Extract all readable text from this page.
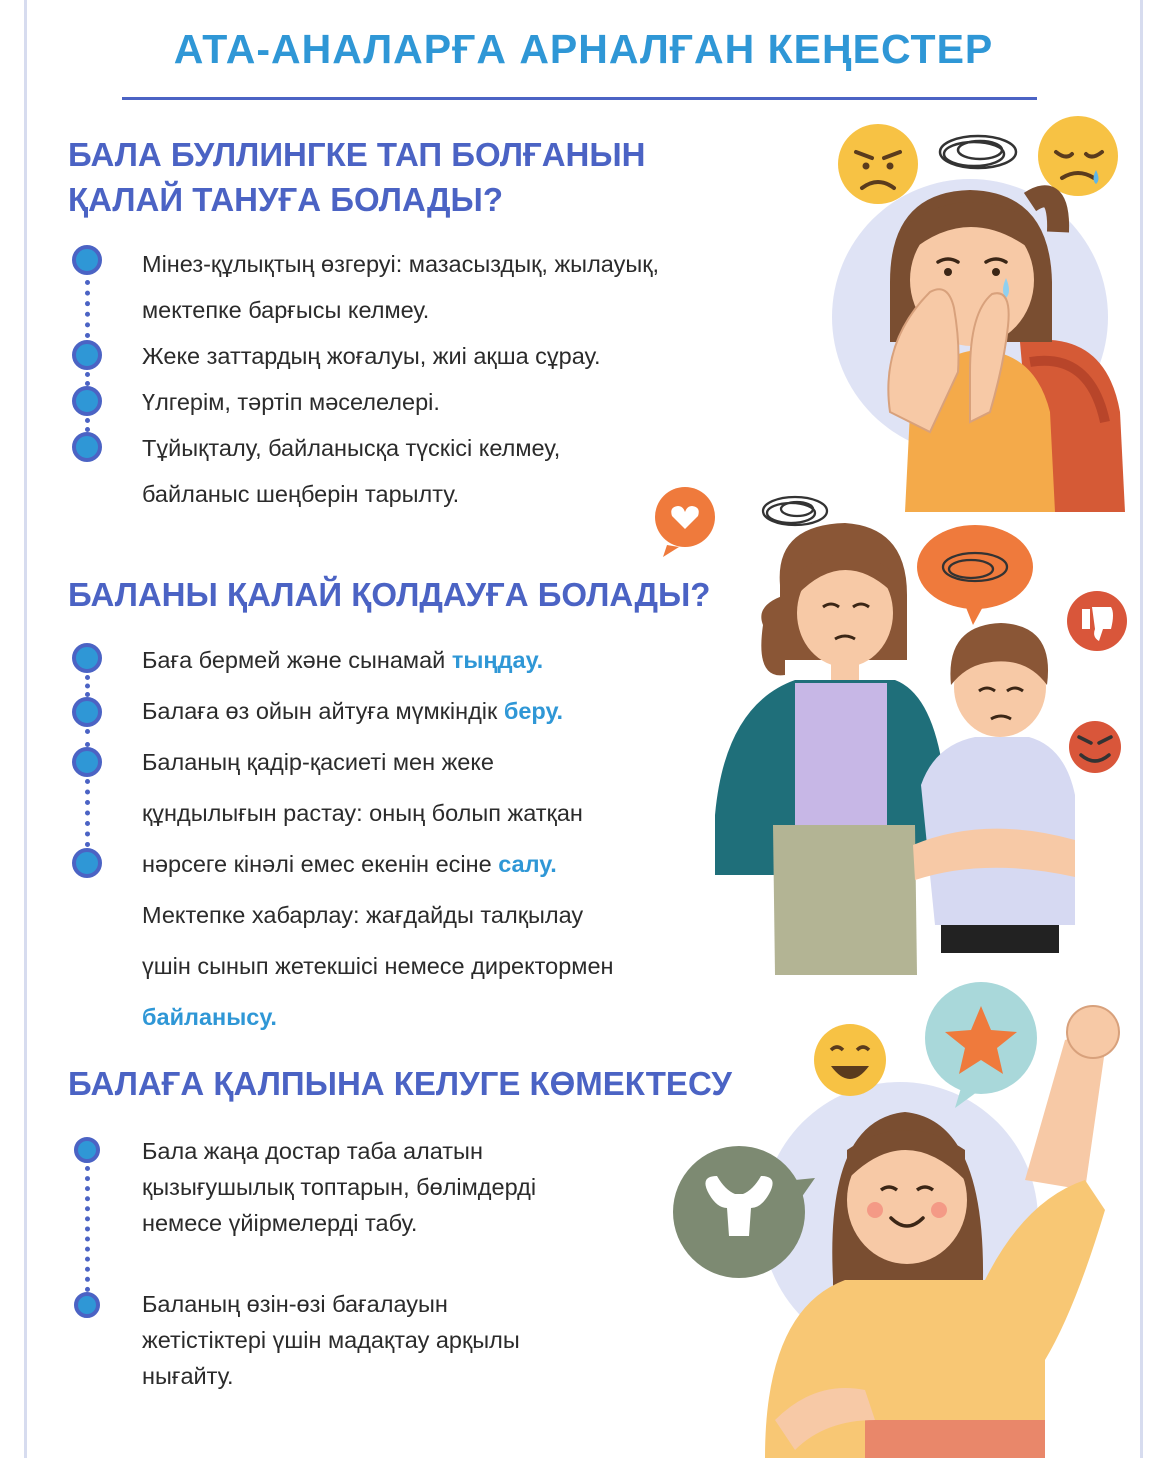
АТА-АНАЛАРҒА АРНАЛҒАН КЕҢЕСТЕР
БАЛА БУЛЛИНГКЕ ТАП БОЛҒАНЫН
ҚАЛАЙ ТАНУҒА БОЛАДЫ?
Мінез-құлықтың өзгеруі: мазасыздық, жылауық,
мектепке барғысы келмеу.
Жеке заттардың жоғалуы, жиі ақша сұрау.
Үлгерім, тәртіп мәселелері.
Тұйықталу, байланысқа түскісі келмеу,
байланыс шеңберін тарылту.
БАЛАНЫ ҚАЛАЙ ҚОЛДАУҒА БОЛАДЫ?
Баға бермей және сынамай тыңдау.
Балаға өз ойын айтуға мүмкіндік беру.
Баланың қадір-қасиеті мен жеке
құндылығын растау: оның болып жатқан
нәрсеге кінәлі емес екенін есіне салу.
Мектепке хабарлау: жағдайды талқылау
үшін сынып жетекшісі немесе директормен
байланысу.
БАЛАҒА ҚАЛПЫНА КЕЛУГЕ КӨМЕКТЕСУ
Бала жаңа достар таба алатын
қызығушылық топтарын, бөлімдерді
немесе үйірмелерді табу.
Баланың өзін-өзі бағалауын
жетістіктері үшін мадақтау арқылы
нығайту.
